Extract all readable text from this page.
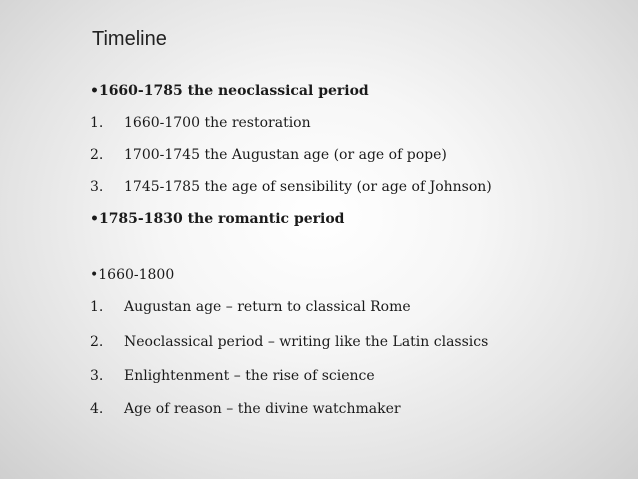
Timeline
•1660-1785 the neoclassical period
1. 1660-1700 the restoration
2. 1700-1745 the Augustan age (or age of pope)
3. 1745-1785 the age of sensibility (or age of Johnson)
•1785-1830 the romantic period
•1660-1800
1. Augustan age – return to classical Rome
2. Neoclassical period – writing like the Latin classics
3. Enlightenment – the rise of science
4. Age of reason – the divine watchmaker
